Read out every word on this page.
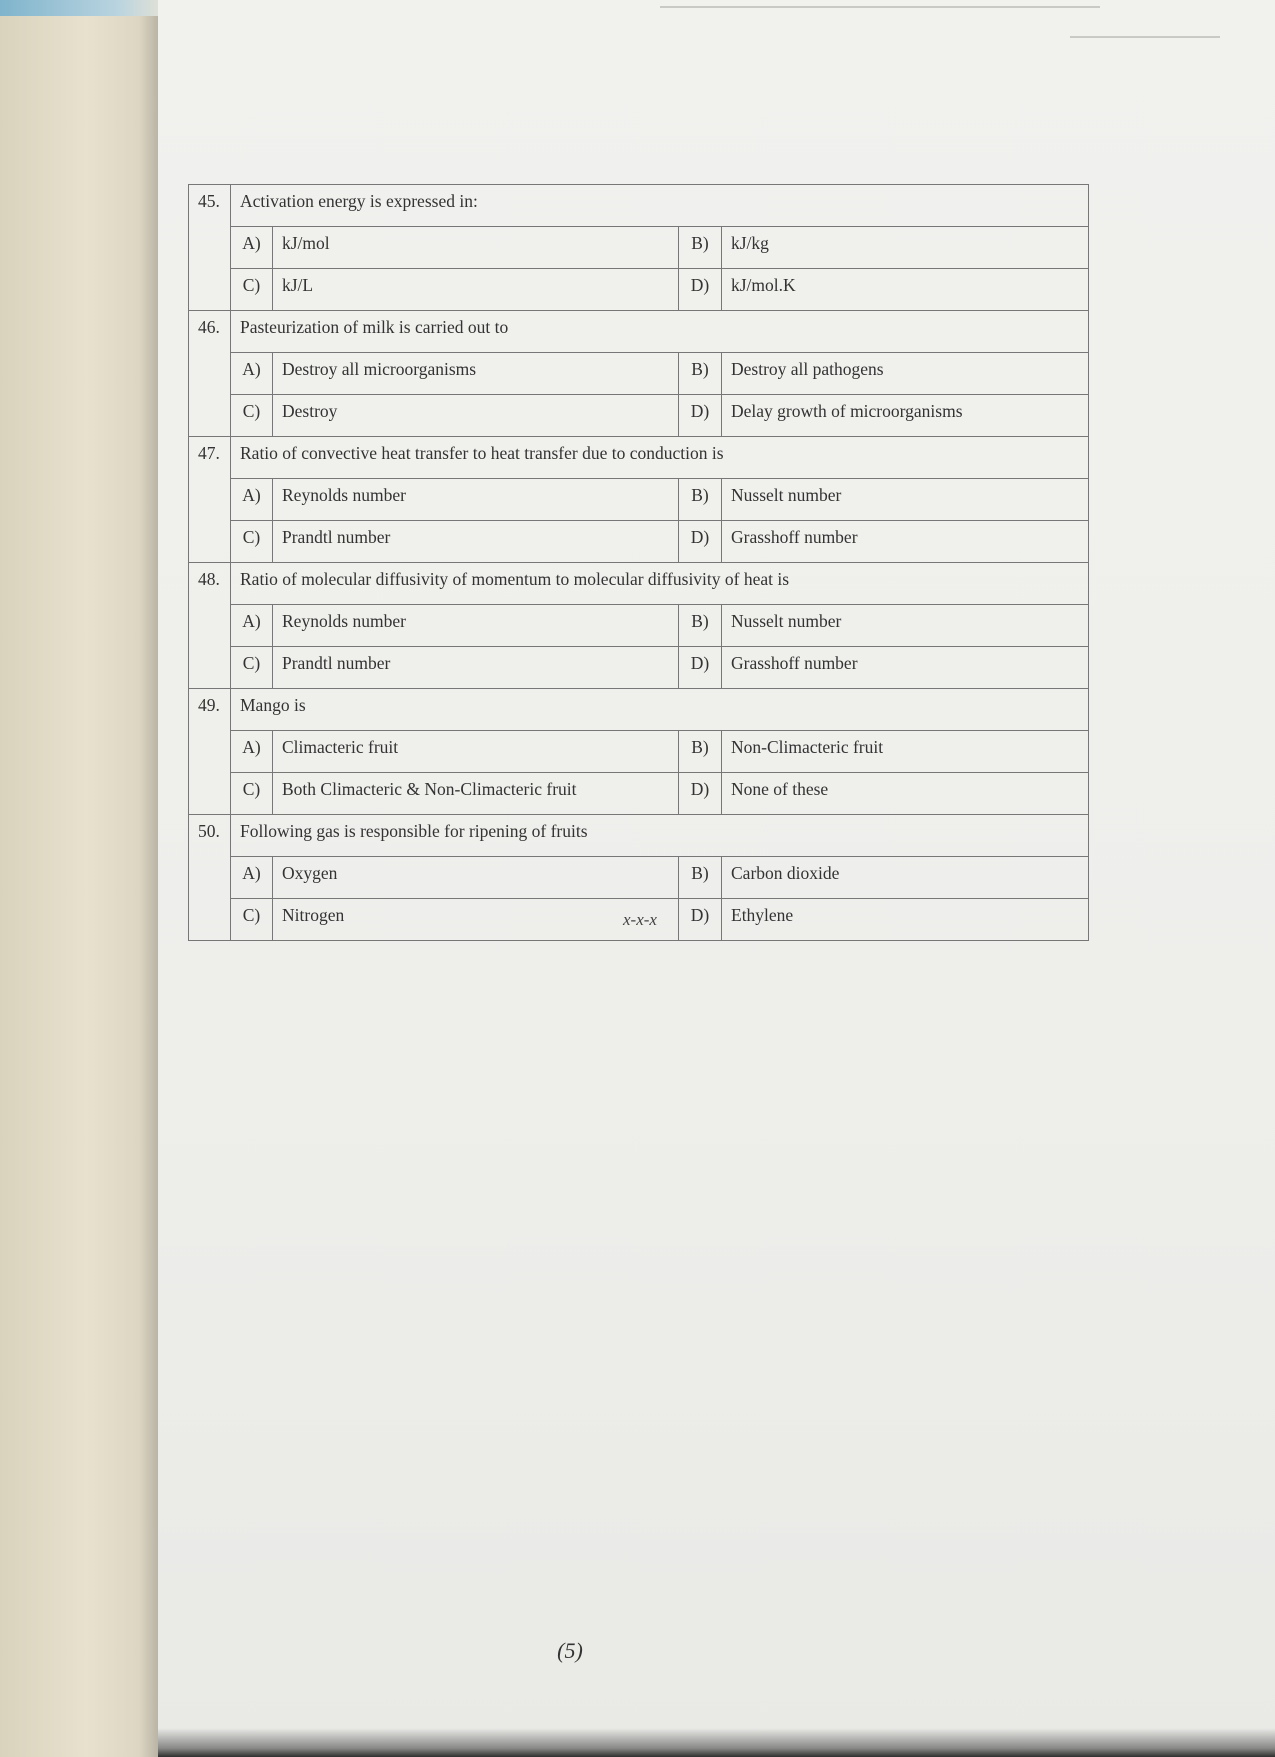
45.	Activation energy is expressed in:			
	A)	kJ/mol	B)	kJ/kg
	C)	kJ/L	D)	kJ/mol.K
46.	Pasteurization of milk is carried out to			
	A)	Destroy all microorganisms	B)	Destroy all pathogens
	C)	Destroy	D)	Delay growth of microorganisms
47.	Ratio of convective heat transfer to heat transfer due to conduction is			
	A)	Reynolds number	B)	Nusselt number
	C)	Prandtl number	D)	Grasshoff number
48.	Ratio of molecular diffusivity of momentum to molecular diffusivity of heat is			
	A)	Reynolds number	B)	Nusselt number
	C)	Prandtl number	D)	Grasshoff number
49.	Mango is			
	A)	Climacteric fruit	B)	Non-Climacteric fruit
	C)	Both Climacteric & Non-Climacteric fruit	D)	None of these
50.	Following gas is responsible for ripening of fruits			
	A)	Oxygen	B)	Carbon dioxide
	C)	Nitrogen	D)	Ethylene
x-x-x
(5)
